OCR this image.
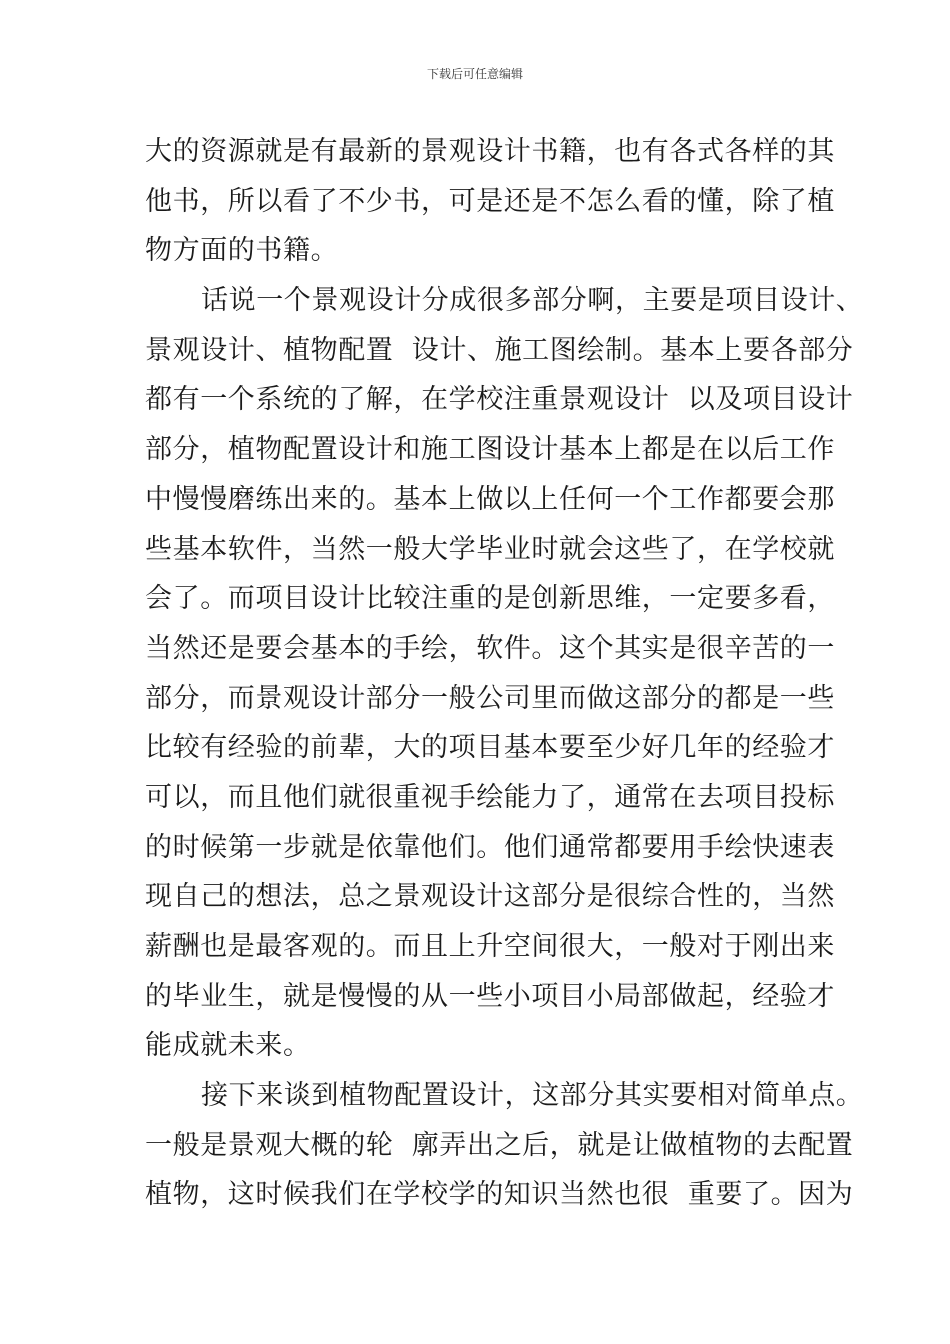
下载后可任意编辑
大的资源就是有最新的景观设计书籍，也有各式各样的其
他书，所以看了不少书，可是还是不怎么看的懂，除了植
物方面的书籍。
话说一个景观设计分成很多部分啊，主要是项目设计、
景观设计、植物配置  设计、施工图绘制。基本上要各部分
都有一个系统的了解，在学校注重景观设计  以及项目设计
部分，植物配置设计和施工图设计基本上都是在以后工作
中慢慢磨练出来的。基本上做以上任何一个工作都要会那
些基本软件，当然一般大学毕业时就会这些了，在学校就
会了。而项目设计比较注重的是创新思维，一定要多看，
当然还是要会基本的手绘，软件。这个其实是很辛苦的一
部分，而景观设计部分一般公司里而做这部分的都是一些
比较有经验的前辈，大的项目基本要至少好几年的经验才
可以，而且他们就很重视手绘能力了，通常在去项目投标
的时候第一步就是依靠他们。他们通常都要用手绘快速表
现自己的想法，总之景观设计这部分是很综合性的，当然
薪酬也是最客观的。而且上升空间很大，一般对于刚出来
的毕业生，就是慢慢的从一些小项目小局部做起，经验才
能成就未来。
接下来谈到植物配置设计，这部分其实要相对简单点。
一般是景观大概的轮  廓弄出之后，就是让做植物的去配置
植物，这时候我们在学校学的知识当然也很  重要了。因为
